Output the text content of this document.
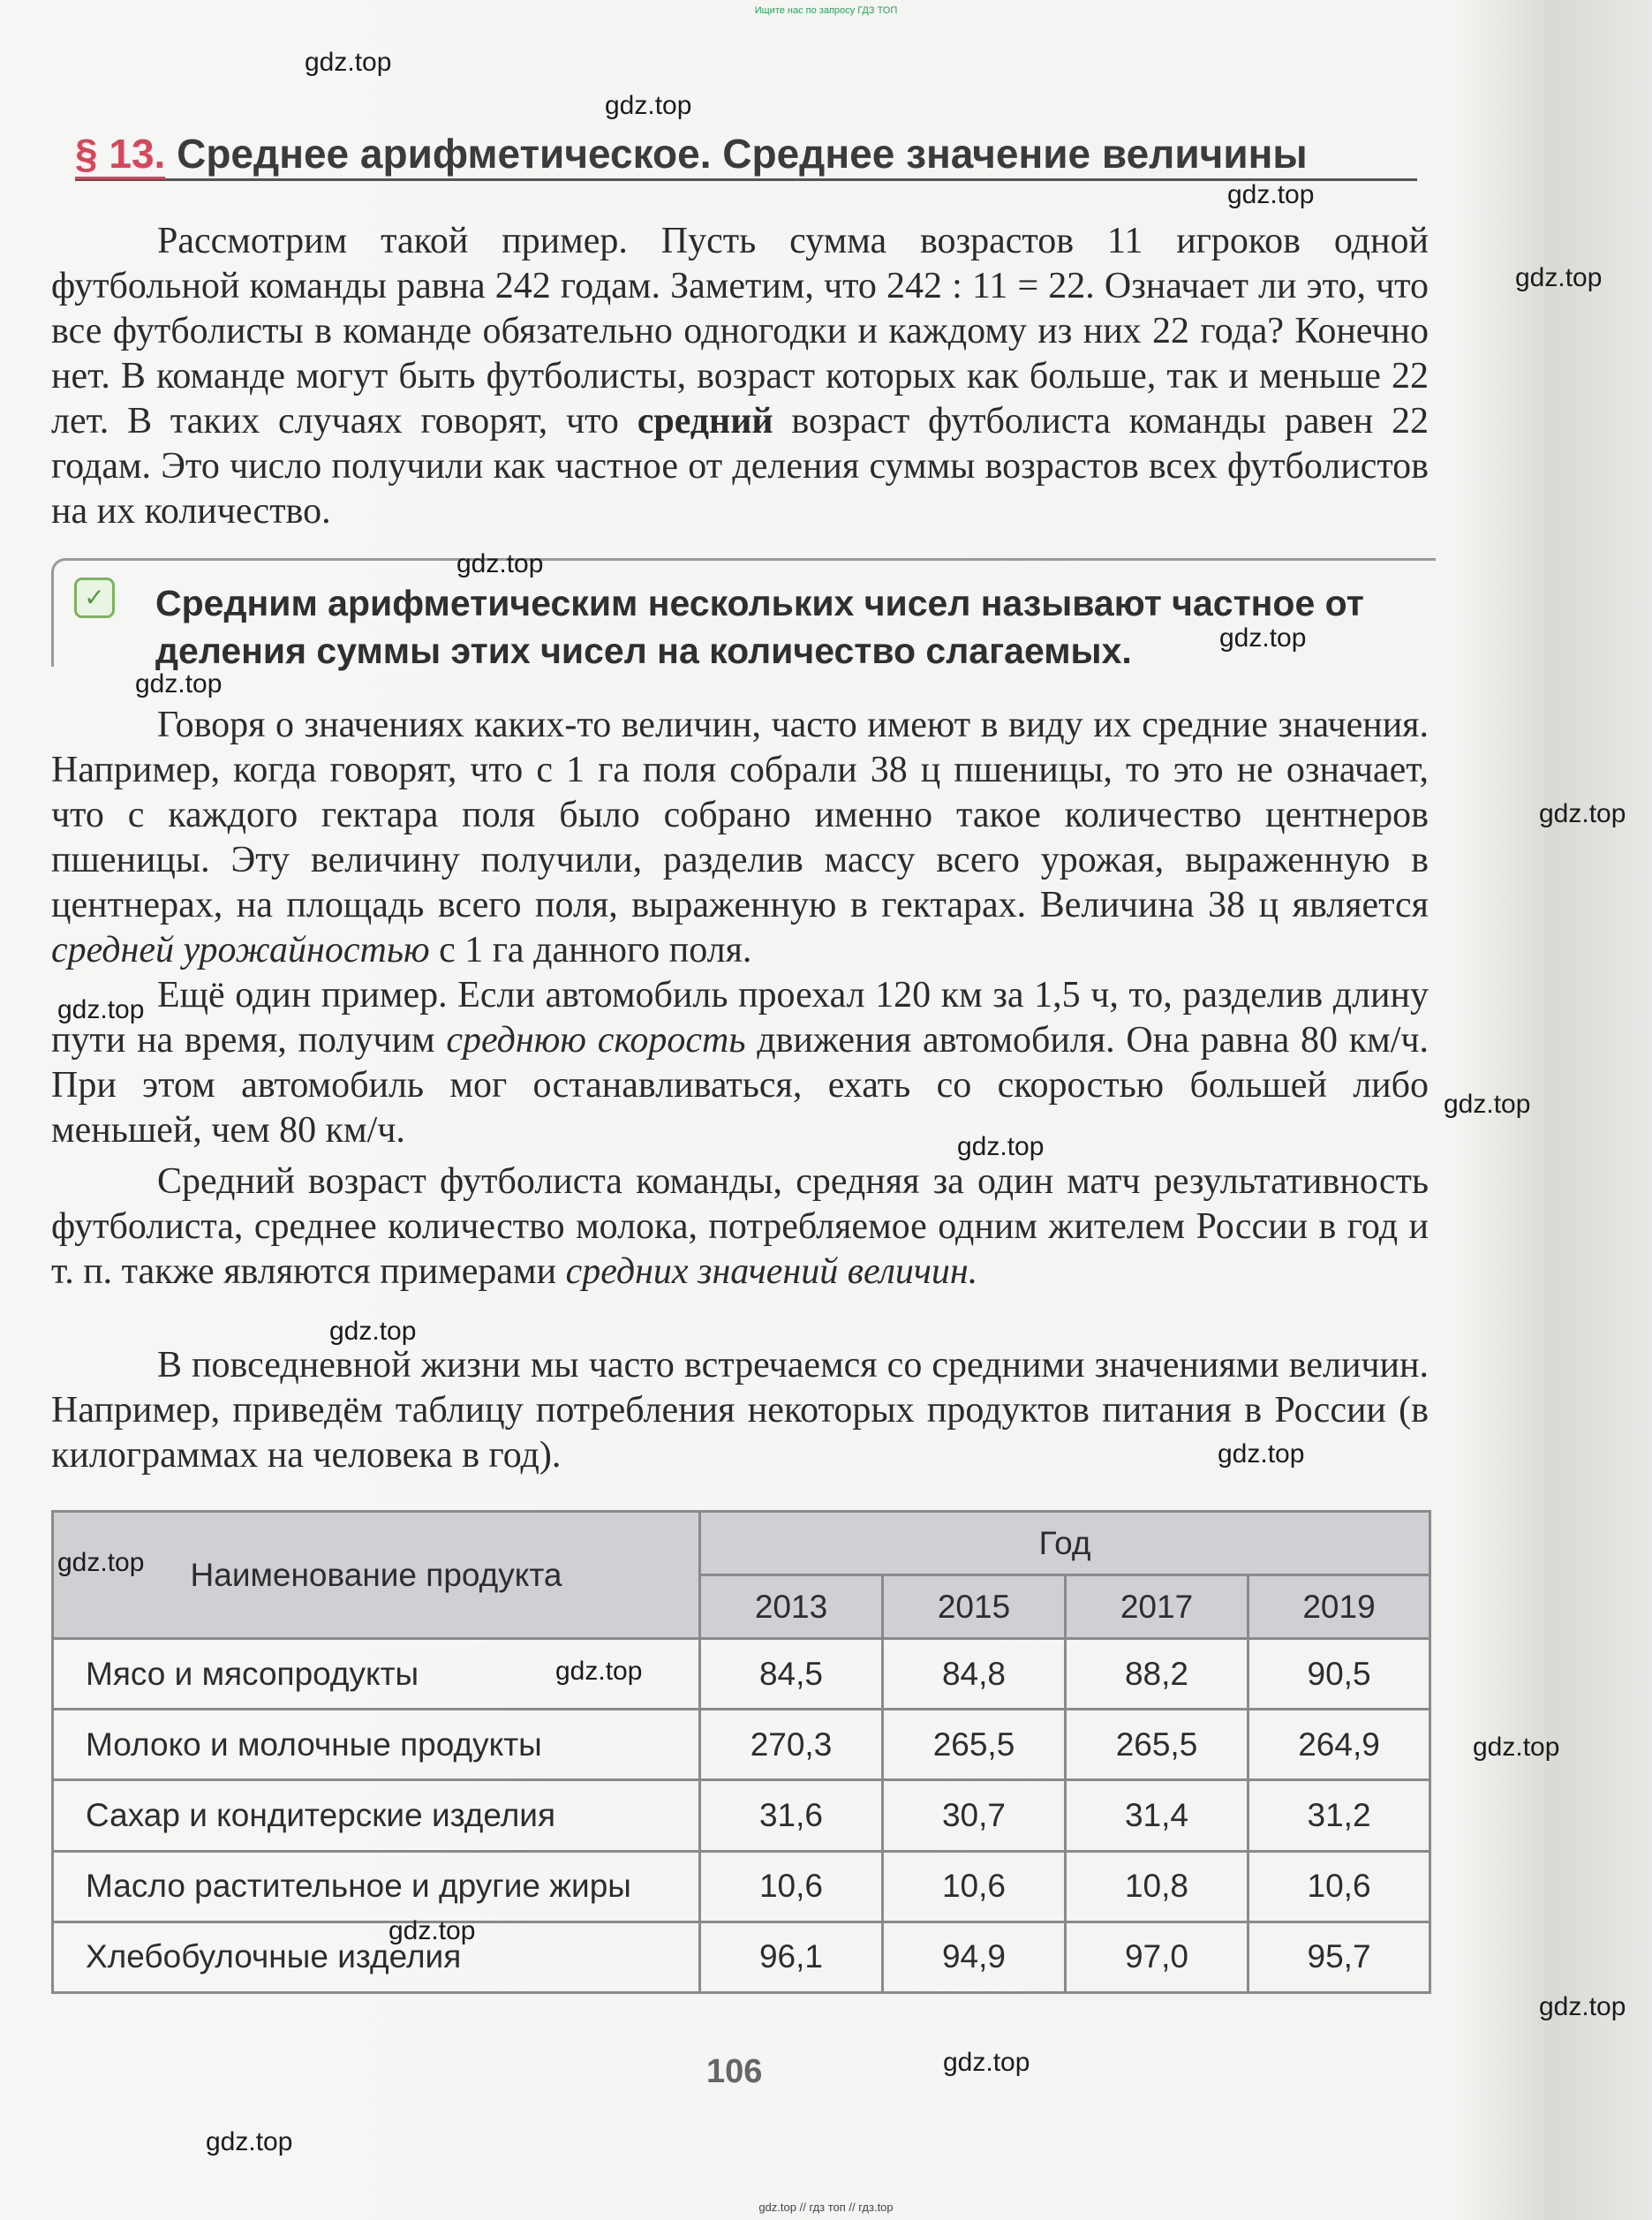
Ищите нас по запросу ГДЗ ТОП
§ 13. Среднее арифметическое. Среднее значение величины
Рассмотрим такой пример. Пусть сумма возрастов 11 игроков одной футбольной команды равна 242 годам. Заметим, что 242 : 11 = 22. Означает ли это, что все футболисты в команде обязательно одногодки и каждому из них 22 года? Конечно нет. В команде могут быть футболисты, возраст которых как больше, так и меньше 22 лет. В таких случаях говорят, что средний возраст футболиста команды равен 22 годам. Это число получили как частное от деления суммы возрастов всех футболистов на их количество.
✓ Средним арифметическим нескольких чисел называют частное от деления суммы этих чисел на количество слагаемых.
Говоря о значениях каких-то величин, часто имеют в виду их средние значения. Например, когда говорят, что с 1 га поля собрали 38 ц пшеницы, то это не означает, что с каждого гектара поля было собрано именно такое количество центнеров пшеницы. Эту величину получили, разделив массу всего урожая, выраженную в центнерах, на площадь всего поля, выраженную в гектарах. Величина 38 ц является средней урожайностью с 1 га данного поля.
Ещё один пример. Если автомобиль проехал 120 км за 1,5 ч, то, разделив длину пути на время, получим среднюю скорость движения автомобиля. Она равна 80 км/ч. При этом автомобиль мог останавливаться, ехать со скоростью большей либо меньшей, чем 80 км/ч.
Средний возраст футболиста команды, средняя за один матч результативность футболиста, среднее количество молока, потребляемое одним жителем России в год и т. п. также являются примерами средних значений величин.
В повседневной жизни мы часто встречаемся со средними значениями величин. Например, приведём таблицу потребления некоторых продуктов питания в России (в килограммах на человека в год).
Наименование продукта	Год			
	2013	2015	2017	2019
Мясо и мясопродукты	84,5	84,8	88,2	90,5
Молоко и молочные продукты	270,3	265,5	265,5	264,9
Сахар и кондитерские изделия	31,6	30,7	31,4	31,2
Масло растительное и другие жиры	10,6	10,6	10,8	10,6
Хлебобулочные изделия	96,1	94,9	97,0	95,7
106
gdz.top
gdz.top
gdz.top
gdz.top
gdz.top
gdz.top
gdz.top
gdz.top
gdz.top
gdz.top
gdz.top
gdz.top
gdz.top
gdz.top
gdz.top
gdz.top
gdz.top
gdz.top
gdz.top
gdz.top
gdz.top // гдз топ // гдз.top
